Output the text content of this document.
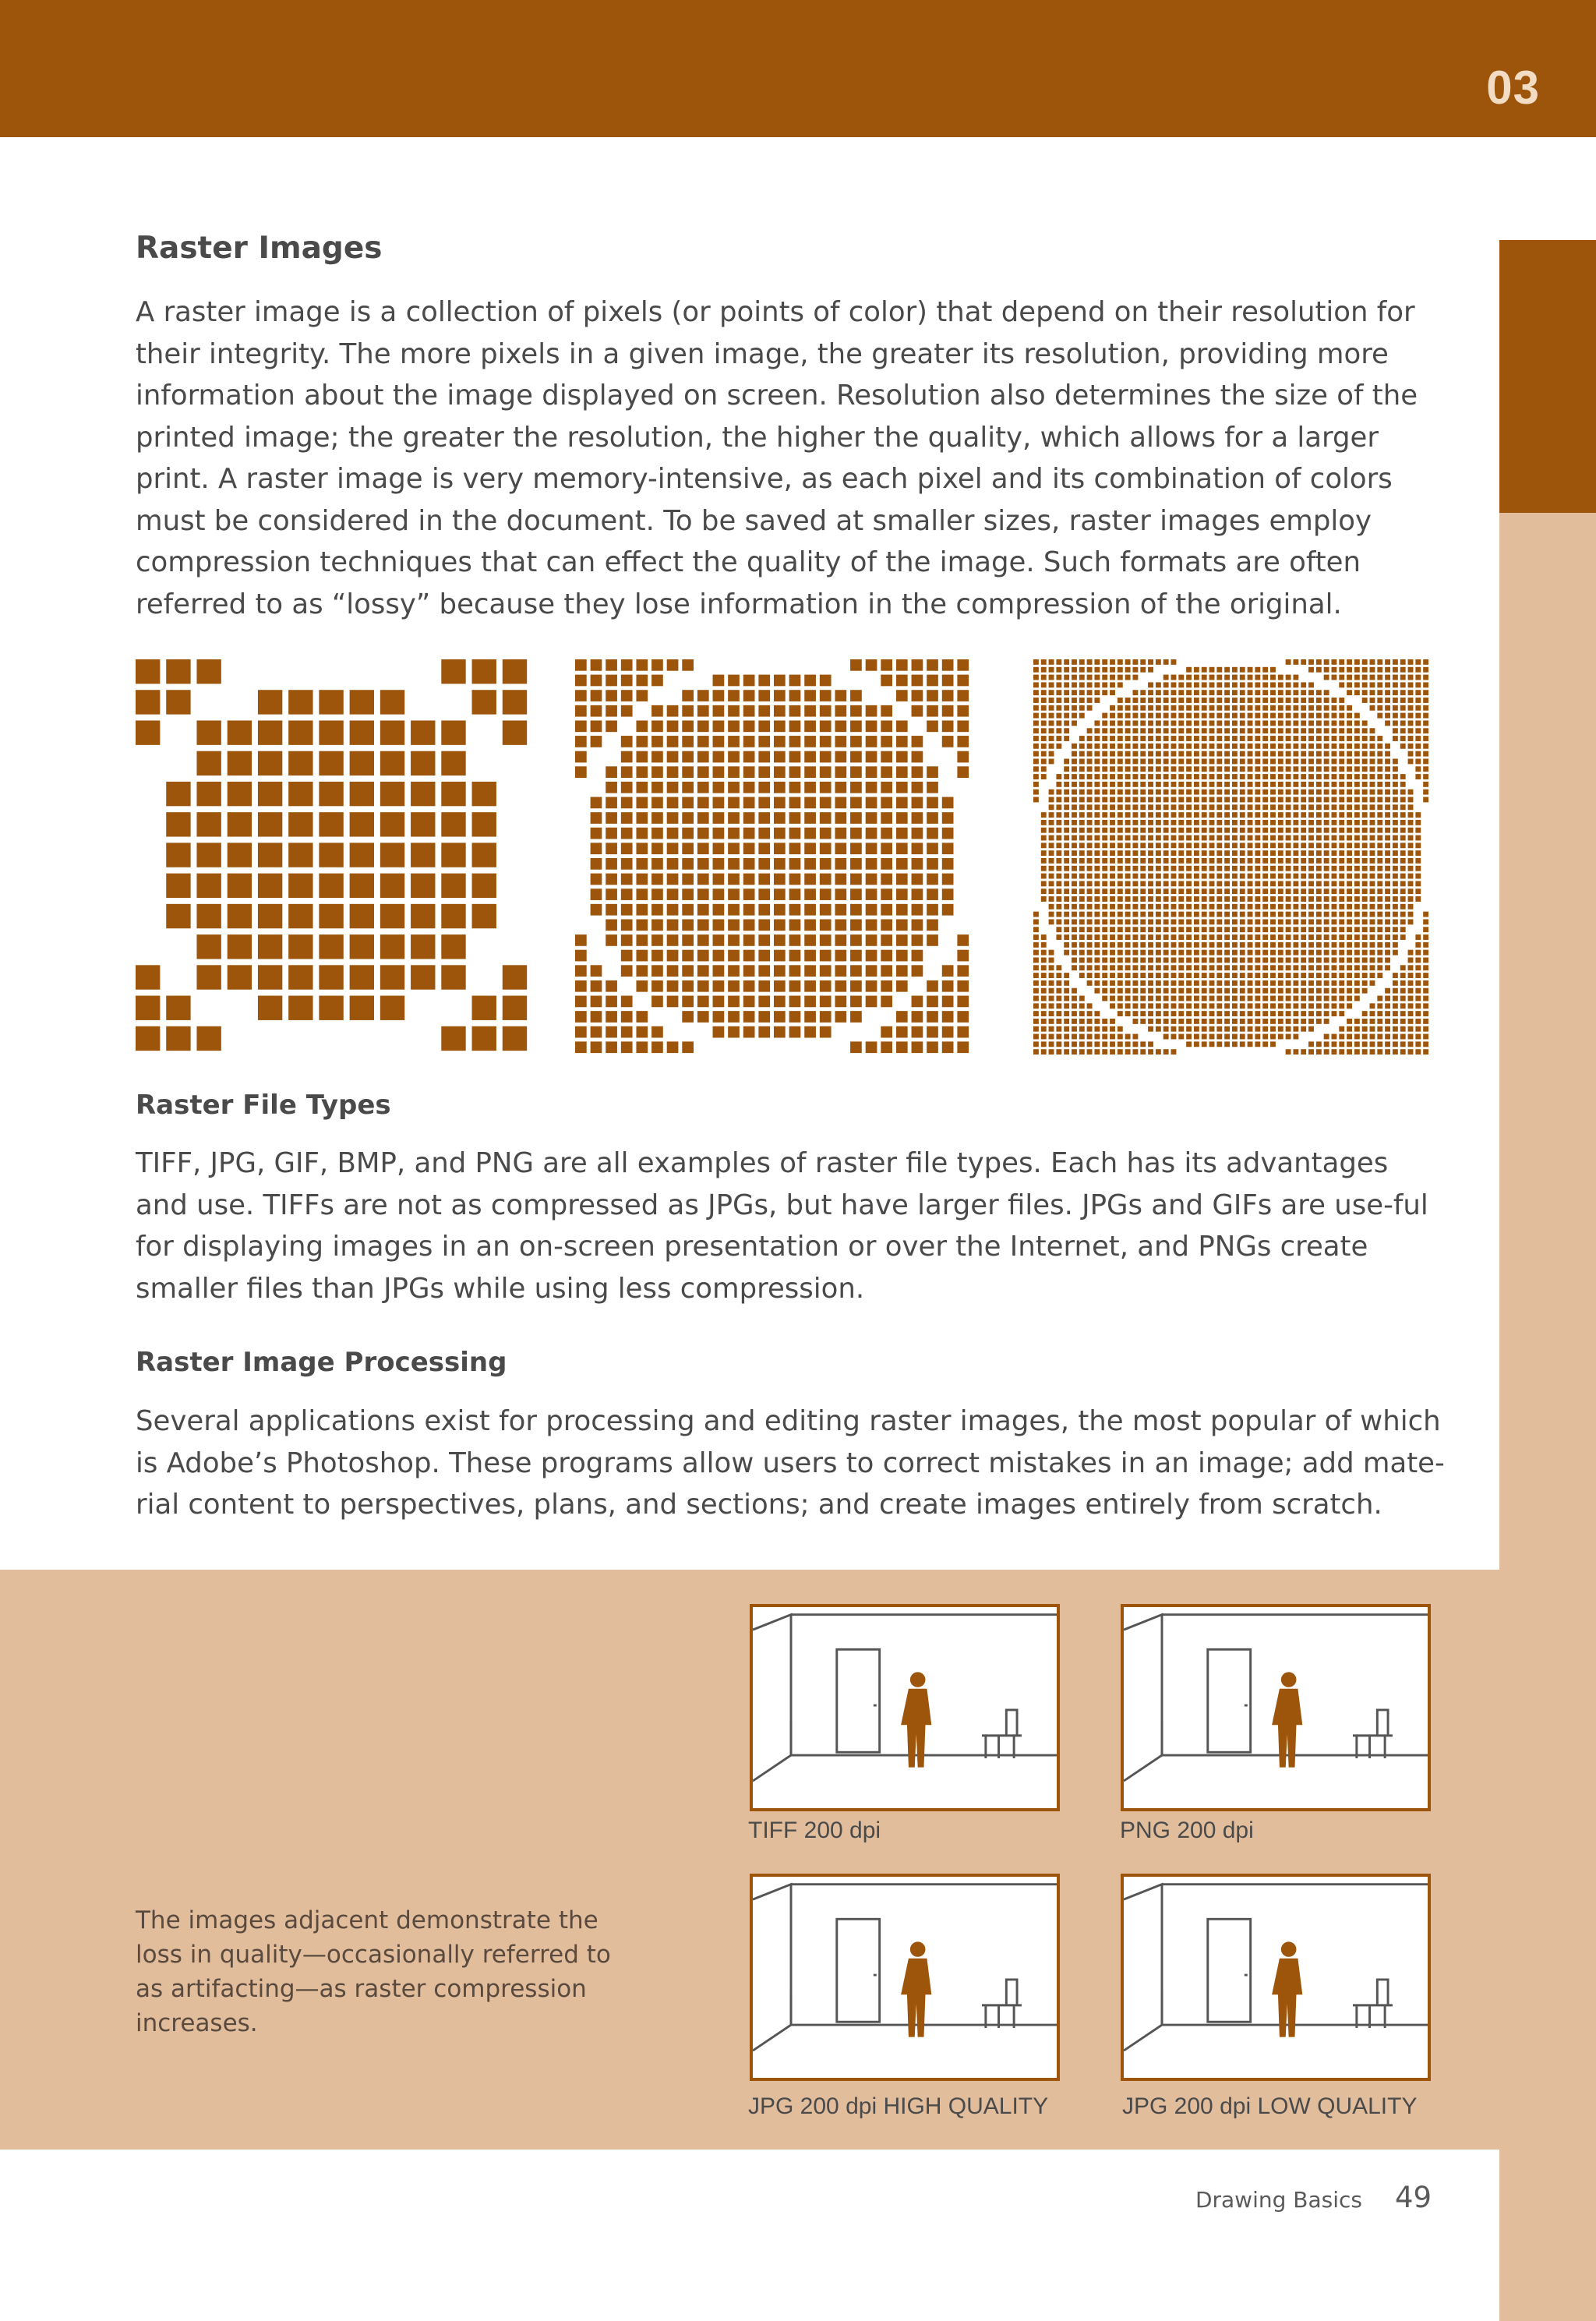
03
Raster Images

A raster image is a collection of pixels (or points of color) that depend on their resolution for their integrity. The more pixels in a given image, the greater its resolution, providing more information about the image displayed on screen. Resolution also determines the size of the printed image; the greater the resolution, the higher the quality, which allows for a larger print. A raster image is very memory-intensive, as each pixel and its combination of colors must be considered in the document. To be saved at smaller sizes, raster images employ compression techniques that can effect the quality of the image. Such formats are often referred to as “lossy” because they lose information in the compression of the original.

Raster File Types

TIFF, JPG, GIF, BMP, and PNG are all examples of raster file types. Each has its advantages and use. TIFFs are not as compressed as JPGs, but have larger files. JPGs and GIFs are use-ful for displaying images in an on-screen presentation or over the Internet, and PNGs create smaller files than JPGs while using less compression.

Raster Image Processing

Several applications exist for processing and editing raster images, the most popular of which is Adobe’s Photoshop. These programs allow users to correct mistakes in an image; add mate-rial content to perspectives, plans, and sections; and create images entirely from scratch.

The images adjacent demonstrate the loss in quality—occasionally referred to as artifacting—as raster compression increases.

TIFF 200 dpi	PNG 200 dpi
JPG 200 dpi HIGH QUALITY	JPG 200 dpi LOW QUALITY
Drawing Basics 49
